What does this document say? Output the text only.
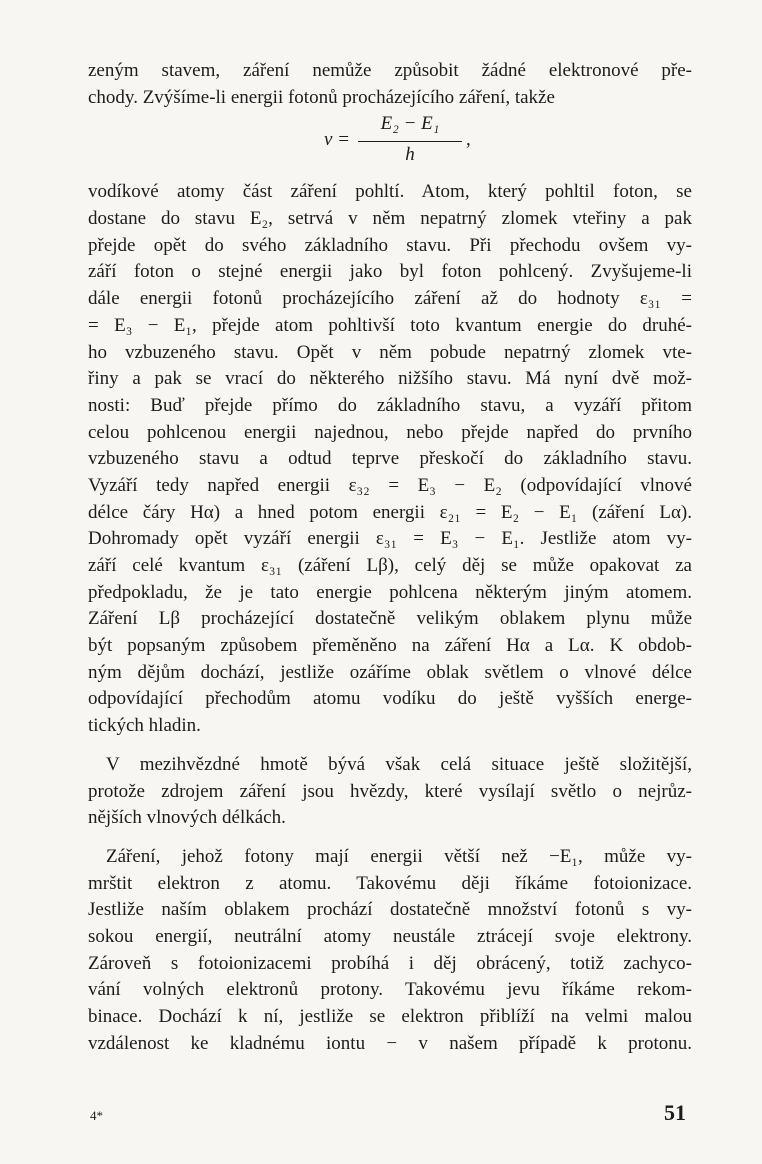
zeným stavem, záření nemůže způsobit žádné elektronové pře-
chody. Zvýšíme-li energii fotonů procházejícího záření, takže
ν =
E₂ − E₁
h
,
vodíkové atomy část záření pohltí. Atom, který pohltil foton, se
dostane do stavu E₂, setrvá v něm nepatrný zlomek vteřiny a pak
přejde opět do svého základního stavu. Při přechodu ovšem vy-
září foton o stejné energii jako byl foton pohlcený. Zvyšujeme-li
dále energii fotonů procházejícího záření až do hodnoty ε₃₁ =
= E₃ − E₁, přejde atom pohltivší toto kvantum energie do druhé-
ho vzbuzeného stavu. Opět v něm pobude nepatrný zlomek vte-
řiny a pak se vrací do některého nižšího stavu. Má nyní dvě mož-
nosti: Buď přejde přímo do základního stavu, a vyzáří přitom
celou pohlcenou energii najednou, nebo přejde napřed do prvního
vzbuzeného stavu a odtud teprve přeskočí do základního stavu.
Vyzáří tedy napřed energii ε₃₂ = E₃ − E₂ (odpovídající vlnové
délce čáry Hα) a hned potom energii ε₂₁ = E₂ − E₁ (záření Lα).
Dohromady opět vyzáří energii ε₃₁ = E₃ − E₁. Jestliže atom vy-
září celé kvantum ε₃₁ (záření Lβ), celý děj se může opakovat za
předpokladu, že je tato energie pohlcena některým jiným atomem.
Záření Lβ procházející dostatečně velikým oblakem plynu může
být popsaným způsobem přeměněno na záření Hα a Lα. K obdob-
ným dějům dochází, jestliže ozáříme oblak světlem o vlnové délce
odpovídající přechodům atomu vodíku do ještě vyšších energe-
tických hladin.
V mezihvězdné hmotě bývá však celá situace ještě složitější,
protože zdrojem záření jsou hvězdy, které vysílají světlo o nejrůz-
nějších vlnových délkách.
Záření, jehož fotony mají energii větší než −E₁, může vy-
mrštit elektron z atomu. Takovému ději říkáme fotoionizace.
Jestliže naším oblakem prochází dostatečně množství fotonů s vy-
sokou energií, neutrální atomy neustále ztrácejí svoje elektrony.
Zároveň s fotoionizacemi probíhá i děj obrácený, totiž zachyco-
vání volných elektronů protony. Takovému jevu říkáme rekom-
binace. Dochází k ní, jestliže se elektron přiblíží na velmi malou
vzdálenost ke kladnému iontu − v našem případě k protonu.
4*	51
